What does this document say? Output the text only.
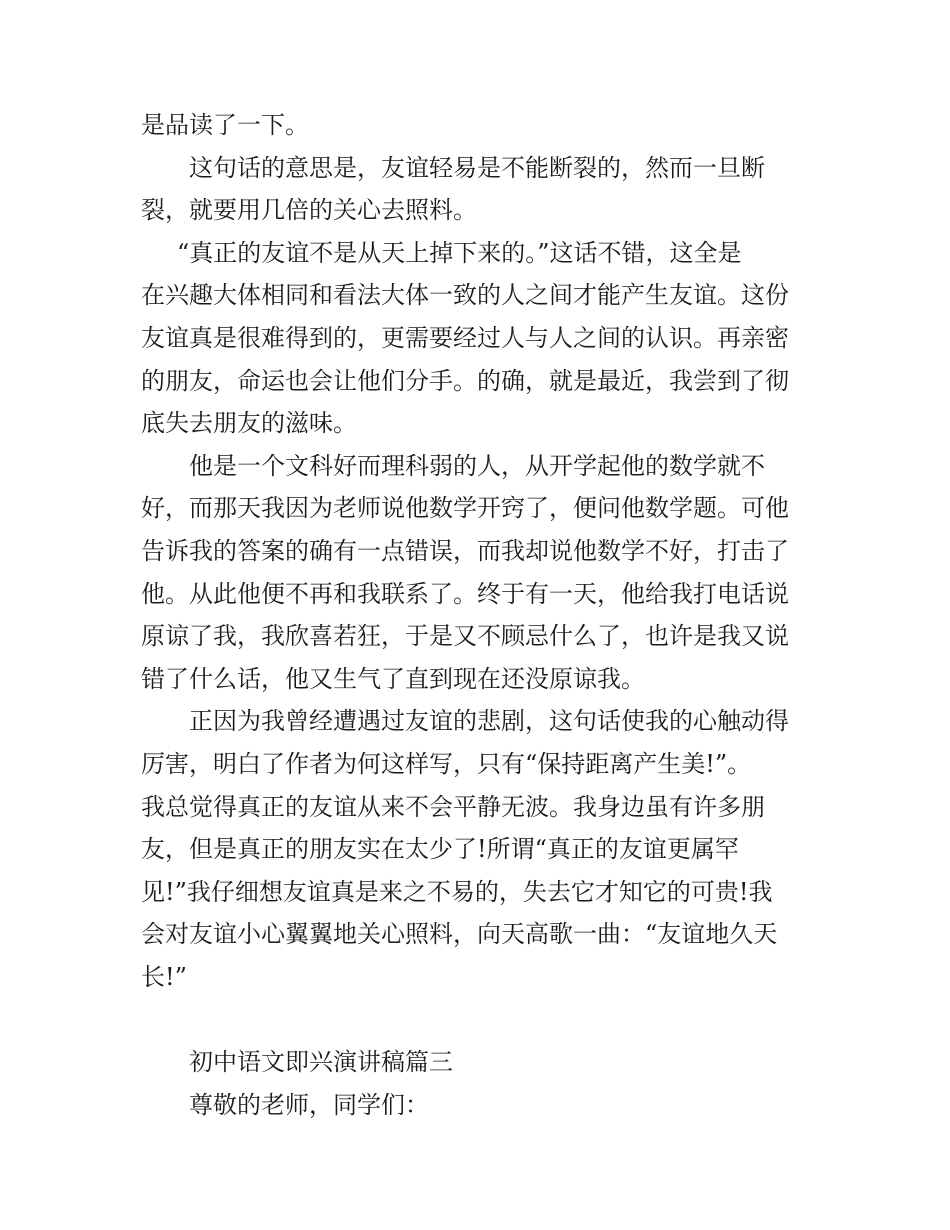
是品读了一下。
这句话的意思是，友谊轻易是不能断裂的，然而一旦断
裂，就要用几倍的关心去照料。
“真正的友谊不是从天上掉下来的。”这话不错，这全是
在兴趣大体相同和看法大体一致的人之间才能产生友谊。这份
友谊真是很难得到的，更需要经过人与人之间的认识。再亲密
的朋友，命运也会让他们分手。的确，就是最近，我尝到了彻
底失去朋友的滋味。
他是一个文科好而理科弱的人，从开学起他的数学就不
好，而那天我因为老师说他数学开窍了，便问他数学题。可他
告诉我的答案的确有一点错误，而我却说他数学不好，打击了
他。从此他便不再和我联系了。终于有一天，他给我打电话说
原谅了我，我欣喜若狂，于是又不顾忌什么了，也许是我又说
错了什么话，他又生气了直到现在还没原谅我。
正因为我曾经遭遇过友谊的悲剧，这句话使我的心触动得
厉害，明白了作者为何这样写，只有“保持距离产生美!”。
我总觉得真正的友谊从来不会平静无波。我身边虽有许多朋
友，但是真正的朋友实在太少了!所谓“真正的友谊更属罕
见!”我仔细想友谊真是来之不易的，失去它才知它的可贵!我
会对友谊小心翼翼地关心照料，向天高歌一曲：“友谊地久天
长!”
初中语文即兴演讲稿篇三
尊敬的老师，同学们：
